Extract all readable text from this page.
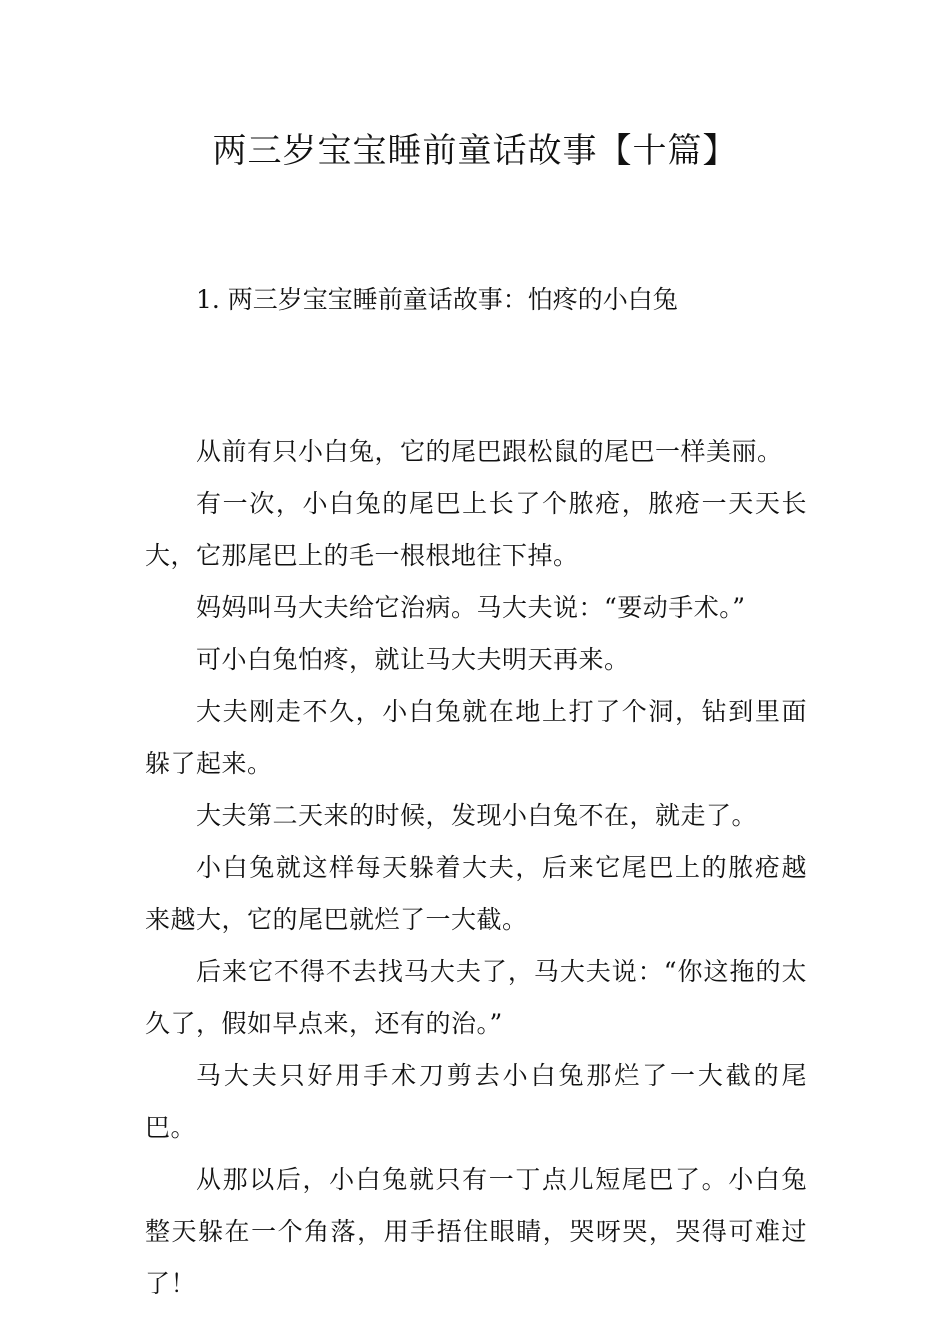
两三岁宝宝睡前童话故事【十篇】

1. 两三岁宝宝睡前童话故事：怕疼的小白兔

从前有只小白兔，它的尾巴跟松鼠的尾巴一样美丽。

有一次，小白兔的尾巴上长了个脓疮，脓疮一天天长大，它那尾巴上的毛一根根地往下掉。

妈妈叫马大夫给它治病。马大夫说：“要动手术。”

可小白兔怕疼，就让马大夫明天再来。

大夫刚走不久，小白兔就在地上打了个洞，钻到里面躲了起来。

大夫第二天来的时候，发现小白兔不在，就走了。

小白兔就这样每天躲着大夫，后来它尾巴上的脓疮越来越大，它的尾巴就烂了一大截。

后来它不得不去找马大夫了，马大夫说：“你这拖的太久了，假如早点来，还有的治。”

马大夫只好用手术刀剪去小白兔那烂了一大截的尾巴。

从那以后，小白兔就只有一丁点儿短尾巴了。小白兔整天躲在一个角落，用手捂住眼睛，哭呀哭，哭得可难过了！
